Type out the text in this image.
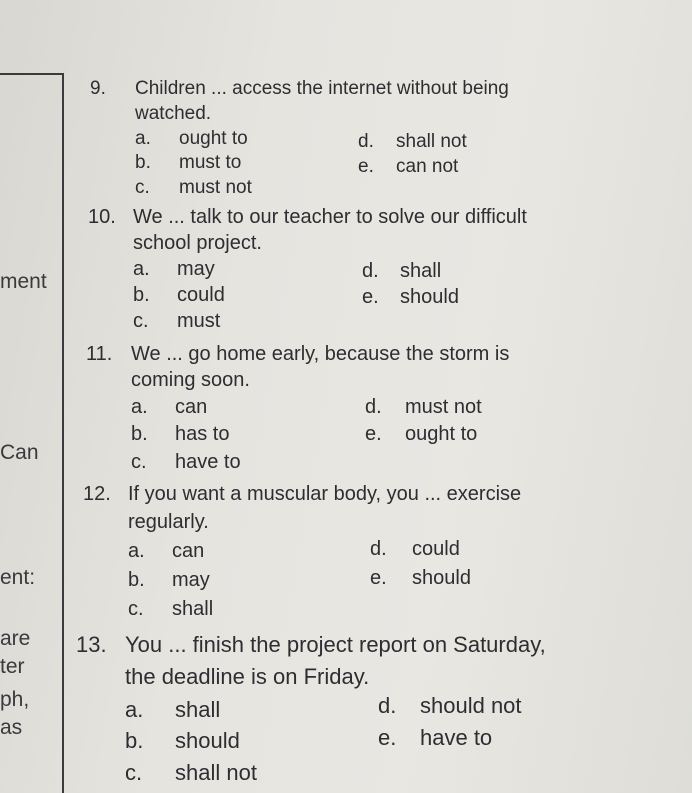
ment
Can
ent:
are
ter
ph,
as
9. Children ... access the internet without being
watched.
a. ought to
b. must to
c. must not
d. shall not
e. can not
10. We ... talk to our teacher to solve our difficult
school project.
a. may
b. could
c. must
d. shall
e. should
11. We ... go home early, because the storm is
coming soon.
a. can
b. has to
c. have to
d. must not
e. ought to
12. If you want a muscular body, you ... exercise
regularly.
a. can
b. may
c. shall
d. could
e. should
13. You ... finish the project report on Saturday,
the deadline is on Friday.
a. shall
b. should
c. shall not
d. should not
e. have to
